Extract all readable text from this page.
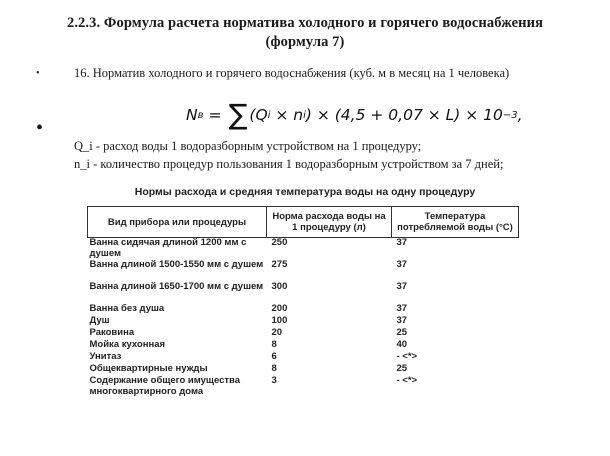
2.2.3. Формула расчета норматива холодного и горячего водоснабжения
(формула 7)
•	16. Норматив холодного и горячего водоснабжения (куб. м в месяц на 1 человека)
•
N в = ∑ (Q i × n i ) × (4,5 + 0,07 × L) × 10 −3 ,
Q_i - расход воды 1 водоразборным устройством на 1 процедуру;
n_i - количество процедур пользования 1 водоразборным устройством за 7 дней;
Нормы расхода и средняя температура воды на одну процедуру
Вид прибора или процедуры	Норма расхода воды на 1 процедуру (л)	Температура потребляемой воды (°С)
Ванна сидячая длиной 1200 мм с душем	250	37
Ванна длиной 1500-1550 мм с душем	275	37
Ванна длиной 1650-1700 мм с душем	300	37
Ванна без душа	200	37
Душ	100	37
Раковина	20	25
Мойка кухонная	8	40
Унитаз	6	- <*>
Общеквартирные нужды	8	25
Содержание общего имущества многоквартирного дома	3	- <*>
